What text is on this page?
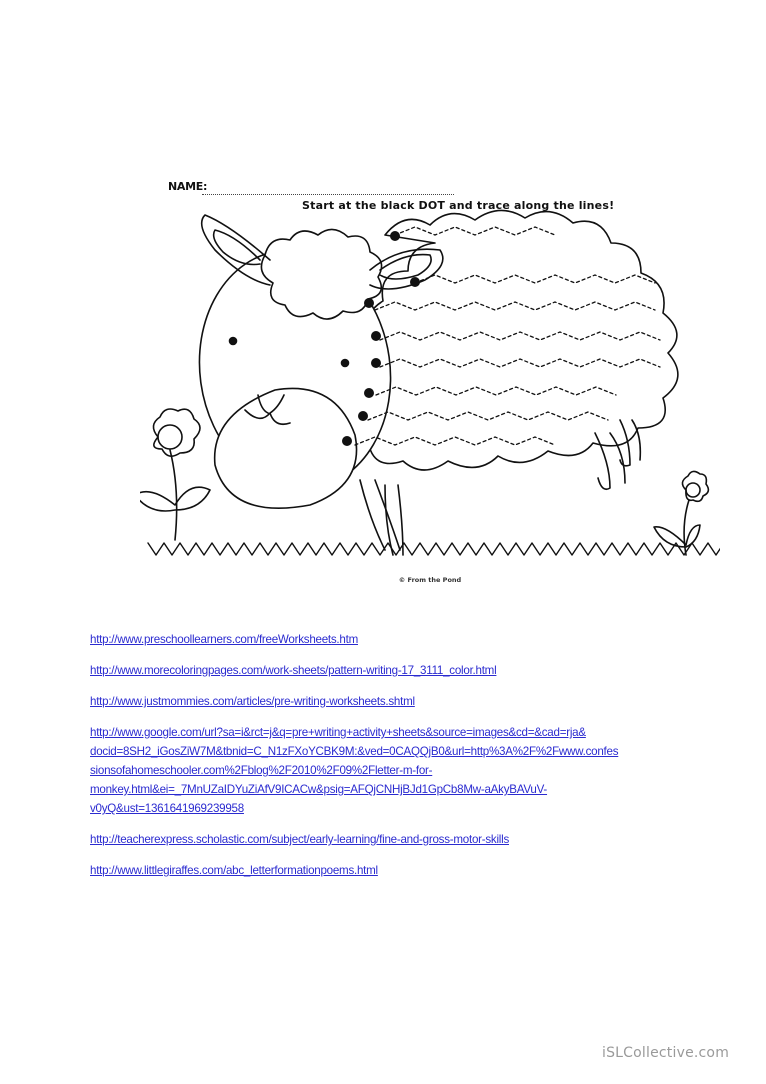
NAME:
Start at the black DOT and trace along the lines!
© From the Pond
http://www.preschoollearners.com/freeWorksheets.htm
http://www.morecoloringpages.com/work-sheets/pattern-writing-17_3111_color.html
http://www.justmommies.com/articles/pre-writing-worksheets.shtml
http://www.google.com/url?sa=i&rct=j&q=pre+writing+activity+sheets&source=images&cd=&cad=rja&
docid=8SH2_iGosZiW7M&tbnid=C_N1zFXoYCBK9M:&ved=0CAQQjB0&url=http%3A%2F%2Fwww.confes
sionsofahomeschooler.com%2Fblog%2F2010%2F09%2Fletter-m-for-
monkey.html&ei=_7MnUZaIDYuZiAfV9ICACw&psig=AFQjCNHjBJd1GpCb8Mw-aAkyBAVuV-
v0yQ&ust=1361641969239958
http://teacherexpress.scholastic.com/subject/early-learning/fine-and-gross-motor-skills
http://www.littlegiraffes.com/abc_letterformationpoems.html
iSLCollective.com
